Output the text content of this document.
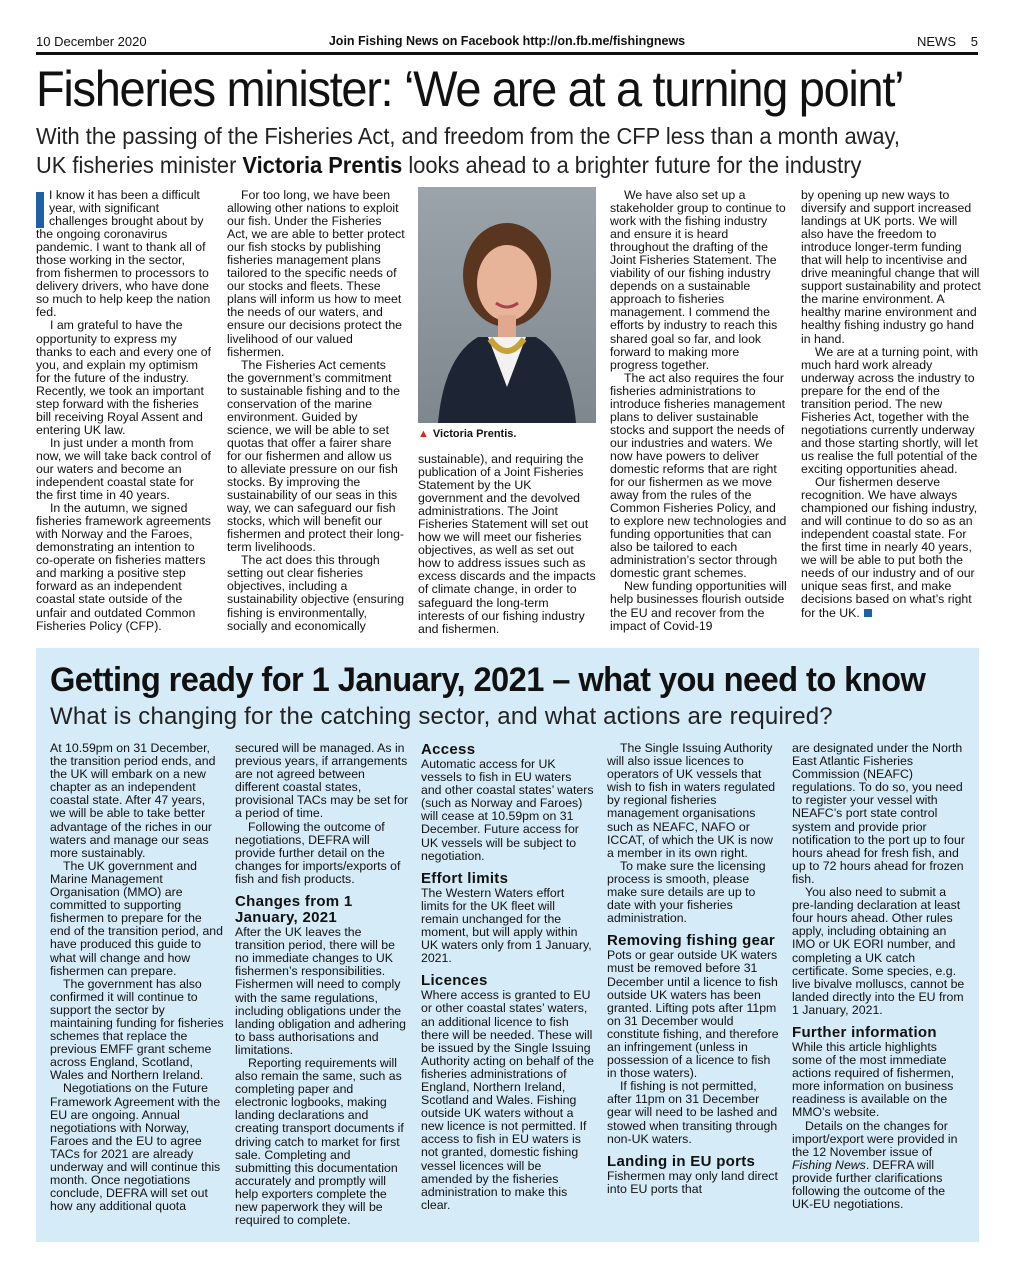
10 December 2020	Join Fishing News on Facebook http://on.fb.me/fishingnews	NEWS 5
Fisheries minister: ‘We are at a turning point’
With the passing of the Fisheries Act, and freedom from the CFP less than a month away,
UK fisheries minister Victoria Prentis looks ahead to a brighter future for the industry

I know it has been a difficult year, with significant challenges brought about by the ongoing coronavirus pandemic. I want to thank all of those working in the sector, from fishermen to processors to delivery drivers, who have done so much to help keep the nation fed.

I am grateful to have the opportunity to express my thanks to each and every one of you, and explain my optimism for the future of the industry. Recently, we took an important step forward with the fisheries bill receiving Royal Assent and entering UK law.

In just under a month from now, we will take back control of our waters and become an independent coastal state for the first time in 40 years.

In the autumn, we signed fisheries framework agreements with Norway and the Faroes, demonstrating an intention to co-operate on fisheries matters and marking a positive step forward as an independent coastal state outside of the unfair and outdated Common Fisheries Policy (CFP).

For too long, we have been allowing other nations to exploit our fish. Under the Fisheries Act, we are able to better protect our fish stocks by publishing fisheries management plans tailored to the specific needs of our stocks and fleets. These plans will inform us how to meet the needs of our waters, and ensure our decisions protect the livelihood of our valued fishermen.

The Fisheries Act cements the government’s commitment to sustainable fishing and to the conservation of the marine environment. Guided by science, we will be able to set quotas that offer a fairer share for our fishermen and allow us to alleviate pressure on our fish stocks. By improving the sustainability of our seas in this way, we can safeguard our fish stocks, which will benefit our fishermen and protect their long-term livelihoods.

The act does this through setting out clear fisheries objectives, including a sustainability objective (ensuring fishing is environmentally, socially and economically

▲ Victoria Prentis.

sustainable), and requiring the publication of a Joint Fisheries Statement by the UK government and the devolved administrations. The Joint Fisheries Statement will set out how we will meet our fisheries objectives, as well as set out how to address issues such as excess discards and the impacts of climate change, in order to safeguard the long-term interests of our fishing industry and fishermen.

We have also set up a stakeholder group to continue to work with the fishing industry and ensure it is heard throughout the drafting of the Joint Fisheries Statement. The viability of our fishing industry depends on a sustainable approach to fisheries management. I commend the efforts by industry to reach this shared goal so far, and look forward to making more progress together.

The act also requires the four fisheries administrations to introduce fisheries management plans to deliver sustainable stocks and support the needs of our industries and waters. We now have powers to deliver domestic reforms that are right for our fishermen as we move away from the rules of the Common Fisheries Policy, and to explore new technologies and funding opportunities that can also be tailored to each administration’s sector through domestic grant schemes.

New funding opportunities will help businesses flourish outside the EU and recover from the impact of Covid-19

by opening up new ways to diversify and support increased landings at UK ports. We will also have the freedom to introduce longer-term funding that will help to incentivise and drive meaningful change that will support sustainability and protect the marine environment. A healthy marine environment and healthy fishing industry go hand in hand.

We are at a turning point, with much hard work already underway across the industry to prepare for the end of the transition period. The new Fisheries Act, together with the negotiations currently underway and those starting shortly, will let us realise the full potential of the exciting opportunities ahead.

Our fishermen deserve recognition. We have always championed our fishing industry, and will continue to do so as an independent coastal state. For the first time in nearly 40 years, we will be able to put both the needs of our industry and of our unique seas first, and make decisions based on what’s right for the UK.

Getting ready for 1 January, 2021 – what you need to know
What is changing for the catching sector, and what actions are required?

At 10.59pm on 31 December, the transition period ends, and the UK will embark on a new chapter as an independent coastal state. After 47 years, we will be able to take better advantage of the riches in our waters and manage our seas more sustainably.

The UK government and Marine Management Organisation (MMO) are committed to supporting fishermen to prepare for the end of the transition period, and have produced this guide to what will change and how fishermen can prepare.

The government has also confirmed it will continue to support the sector by maintaining funding for fisheries schemes that replace the previous EMFF grant scheme across England, Scotland, Wales and Northern Ireland.

Negotiations on the Future Framework Agreement with the EU are ongoing. Annual negotiations with Norway, Faroes and the EU to agree TACs for 2021 are already underway and will continue this month. Once negotiations conclude, DEFRA will set out how any additional quota

secured will be managed. As in previous years, if arrangements are not agreed between different coastal states, provisional TACs may be set for a period of time.

Following the outcome of negotiations, DEFRA will provide further detail on the changes for imports/exports of fish and fish products.

Changes from 1 January, 2021

After the UK leaves the transition period, there will be no immediate changes to UK fishermen’s responsibilities. Fishermen will need to comply with the same regulations, including obligations under the landing obligation and adhering to bass authorisations and limitations.

Reporting requirements will also remain the same, such as completing paper and electronic logbooks, making landing declarations and creating transport documents if driving catch to market for first sale. Completing and submitting this documentation accurately and promptly will help exporters complete the new paperwork they will be required to complete.

Access

Automatic access for UK vessels to fish in EU waters and other coastal states’ waters (such as Norway and Faroes) will cease at 10.59pm on 31 December. Future access for UK vessels will be subject to negotiation.

Effort limits

The Western Waters effort limits for the UK fleet will remain unchanged for the moment, but will apply within UK waters only from 1 January, 2021.

Licences

Where access is granted to EU or other coastal states’ waters, an additional licence to fish there will be needed. These will be issued by the Single Issuing Authority acting on behalf of the fisheries administrations of England, Northern Ireland, Scotland and Wales. Fishing outside UK waters without a new licence is not permitted. If access to fish in EU waters is not granted, domestic fishing vessel licences will be amended by the fisheries administration to make this clear.

The Single Issuing Authority will also issue licences to operators of UK vessels that wish to fish in waters regulated by regional fisheries management organisations such as NEAFC, NAFO or ICCAT, of which the UK is now a member in its own right.

To make sure the licensing process is smooth, please make sure details are up to date with your fisheries administration.

Removing fishing gear

Pots or gear outside UK waters must be removed before 31 December until a licence to fish outside UK waters has been granted. Lifting pots after 11pm on 31 December would constitute fishing, and therefore an infringement (unless in possession of a licence to fish in those waters).

If fishing is not permitted, after 11pm on 31 December gear will need to be lashed and stowed when transiting through non-UK waters.

Landing in EU ports

Fishermen may only land direct into EU ports that

are designated under the North East Atlantic Fisheries Commission (NEAFC) regulations. To do so, you need to register your vessel with NEAFC’s port state control system and provide prior notification to the port up to four hours ahead for fresh fish, and up to 72 hours ahead for frozen fish.

You also need to submit a pre-landing declaration at least four hours ahead. Other rules apply, including obtaining an IMO or UK EORI number, and completing a UK catch certificate. Some species, e.g. live bivalve molluscs, cannot be landed directly into the EU from 1 January, 2021.

Further information

While this article highlights some of the most immediate actions required of fishermen, more information on business readiness is available on the MMO’s website.

Details on the changes for import/export were provided in the 12 November issue of Fishing News. DEFRA will provide further clarifications following the outcome of the UK-EU negotiations.
